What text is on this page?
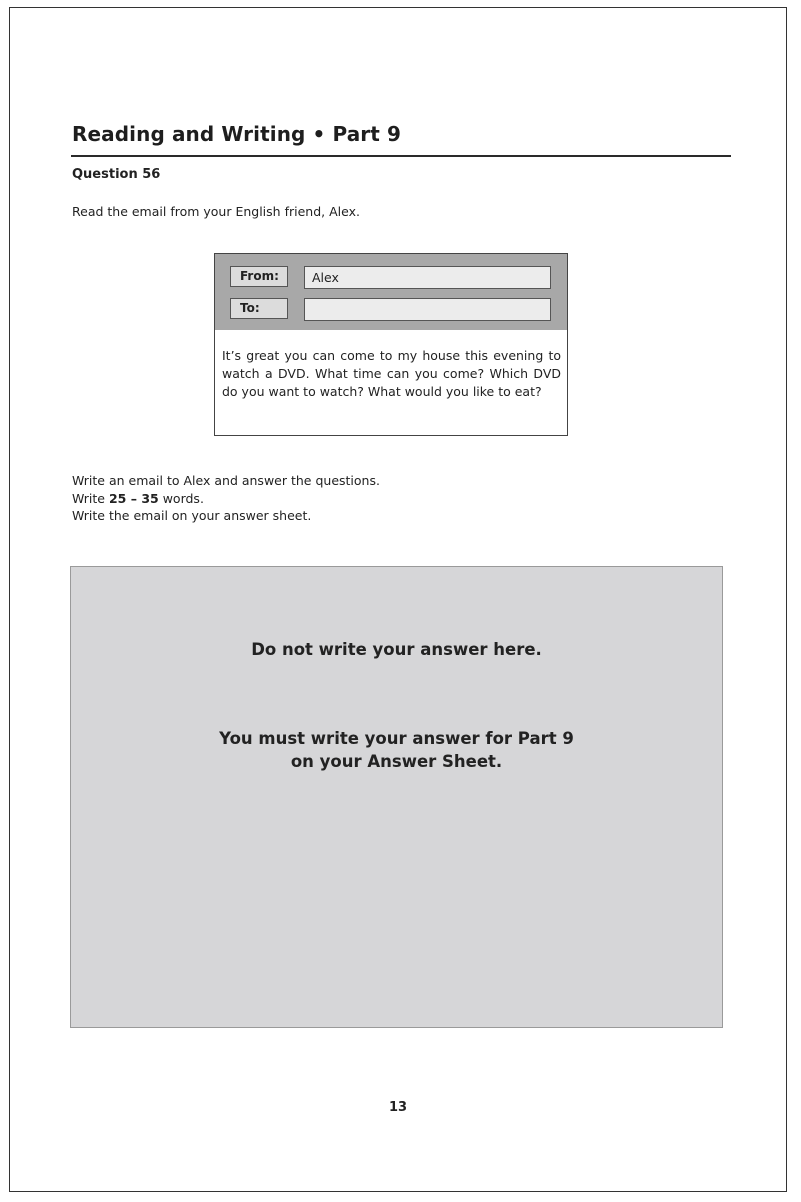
Reading and Writing • Part 9
Question 56
Read the email from your English friend, Alex.
From:	Alex
To:
It’s great you can come to my house this evening to watch a DVD. What time can you come? Which DVD do you want to watch? What would you like to eat?

Write an email to Alex and answer the questions.

Write 25 – 35 words.

Write the email on your answer sheet.

Do not write your answer here.
You must write your answer for Part 9
on your Answer Sheet.
13
